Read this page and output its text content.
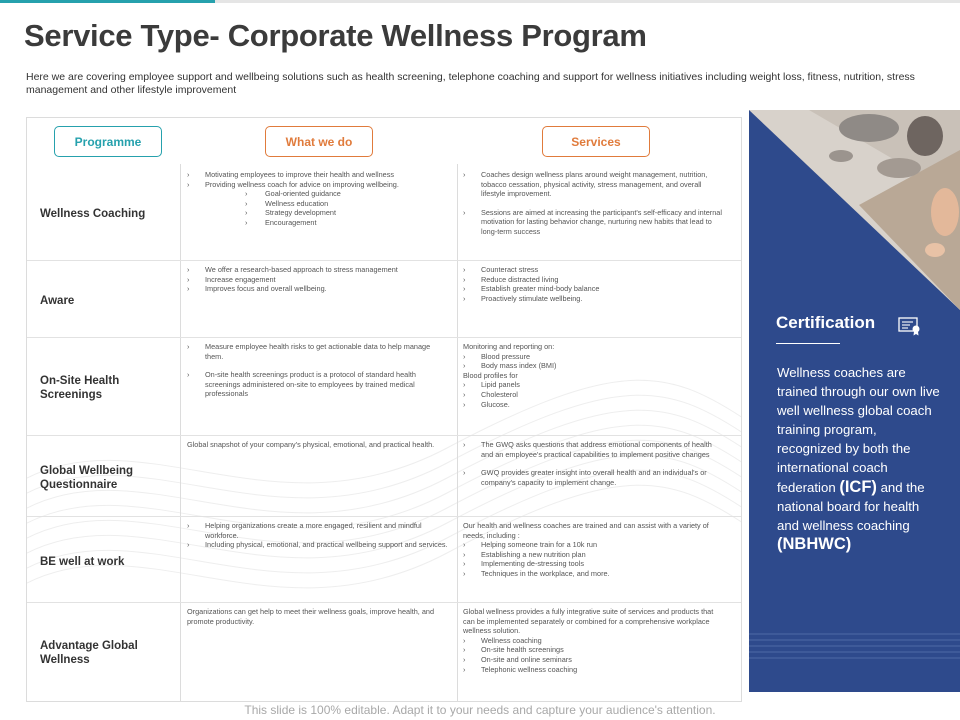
Service Type- Corporate Wellness Program

Here we are covering employee support and wellbeing solutions such as health screening, telephone coaching and support for wellness initiatives including weight loss, fitness, nutrition, stress management and other lifestyle improvement

Programme	What we do	Services
Wellness Coaching
Aware
On-Site Health Screenings
Global Wellbeing Questionnaire
BE well at work
Advantage Global Wellness
› Motivating employees to improve their health and wellness
› Providing wellness coach for advice on improving wellbeing.
› Goal-oriented guidance
› Wellness education
› Strategy development
› Encouragement
› Coaches design wellness plans around weight management, nutrition, tobacco cessation, physical activity, stress management, and overall lifestyle improvement.
› Sessions are aimed at increasing the participant's self-efficacy and internal motivation for lasting behavior change, nurturing new habits that lead to long-term success
› We offer a research-based approach to stress management
› Increase engagement
› Improves focus and overall wellbeing.
› Counteract stress
› Reduce distracted living
› Establish greater mind-body balance
› Proactively stimulate wellbeing.
› Measure employee health risks to get actionable data to help manage them.
› On-site health screenings product is a protocol of standard health screenings administered on-site to employees by trained medical professionals
Monitoring and reporting on:
› Blood pressure
› Body mass index (BMI)
Blood profiles for
› Lipid panels
› Cholesterol
› Glucose.
Global snapshot of your company's physical, emotional, and practical health.
›	The GWQ asks questions that address emotional components of health and an employee's practical capabilities to implement positive changes
› GWQ provides greater insight into overall health and an individual's or company's capacity to implement change.
› Helping organizations create a more engaged, resilient and mindful workforce.
› Including physical, emotional, and practical wellbeing support and services.
Our health and wellness coaches are trained and can assist with a variety of needs, including :
› Helping someone train for a 10k run
› Establishing a new nutrition plan
› Implementing de-stressing tools
› Techniques in the workplace, and more.
Organizations can get help to meet their wellness goals, improve health, and promote productivity.
Global wellness provides a fully integrative suite of services and products that can be implemented separately or combined for a comprehensive workplace wellness solution.
› Wellness coaching
› On-site health screenings
› On-site and online seminars
› Telephonic wellness coaching
Certification

Wellness coaches are trained through our own live well wellness global coach training program, recognized by both the international coach federation (ICF) and the national board for health and wellness coaching (NBHWC)

This slide is 100% editable. Adapt it to your needs and capture your audience's attention.
